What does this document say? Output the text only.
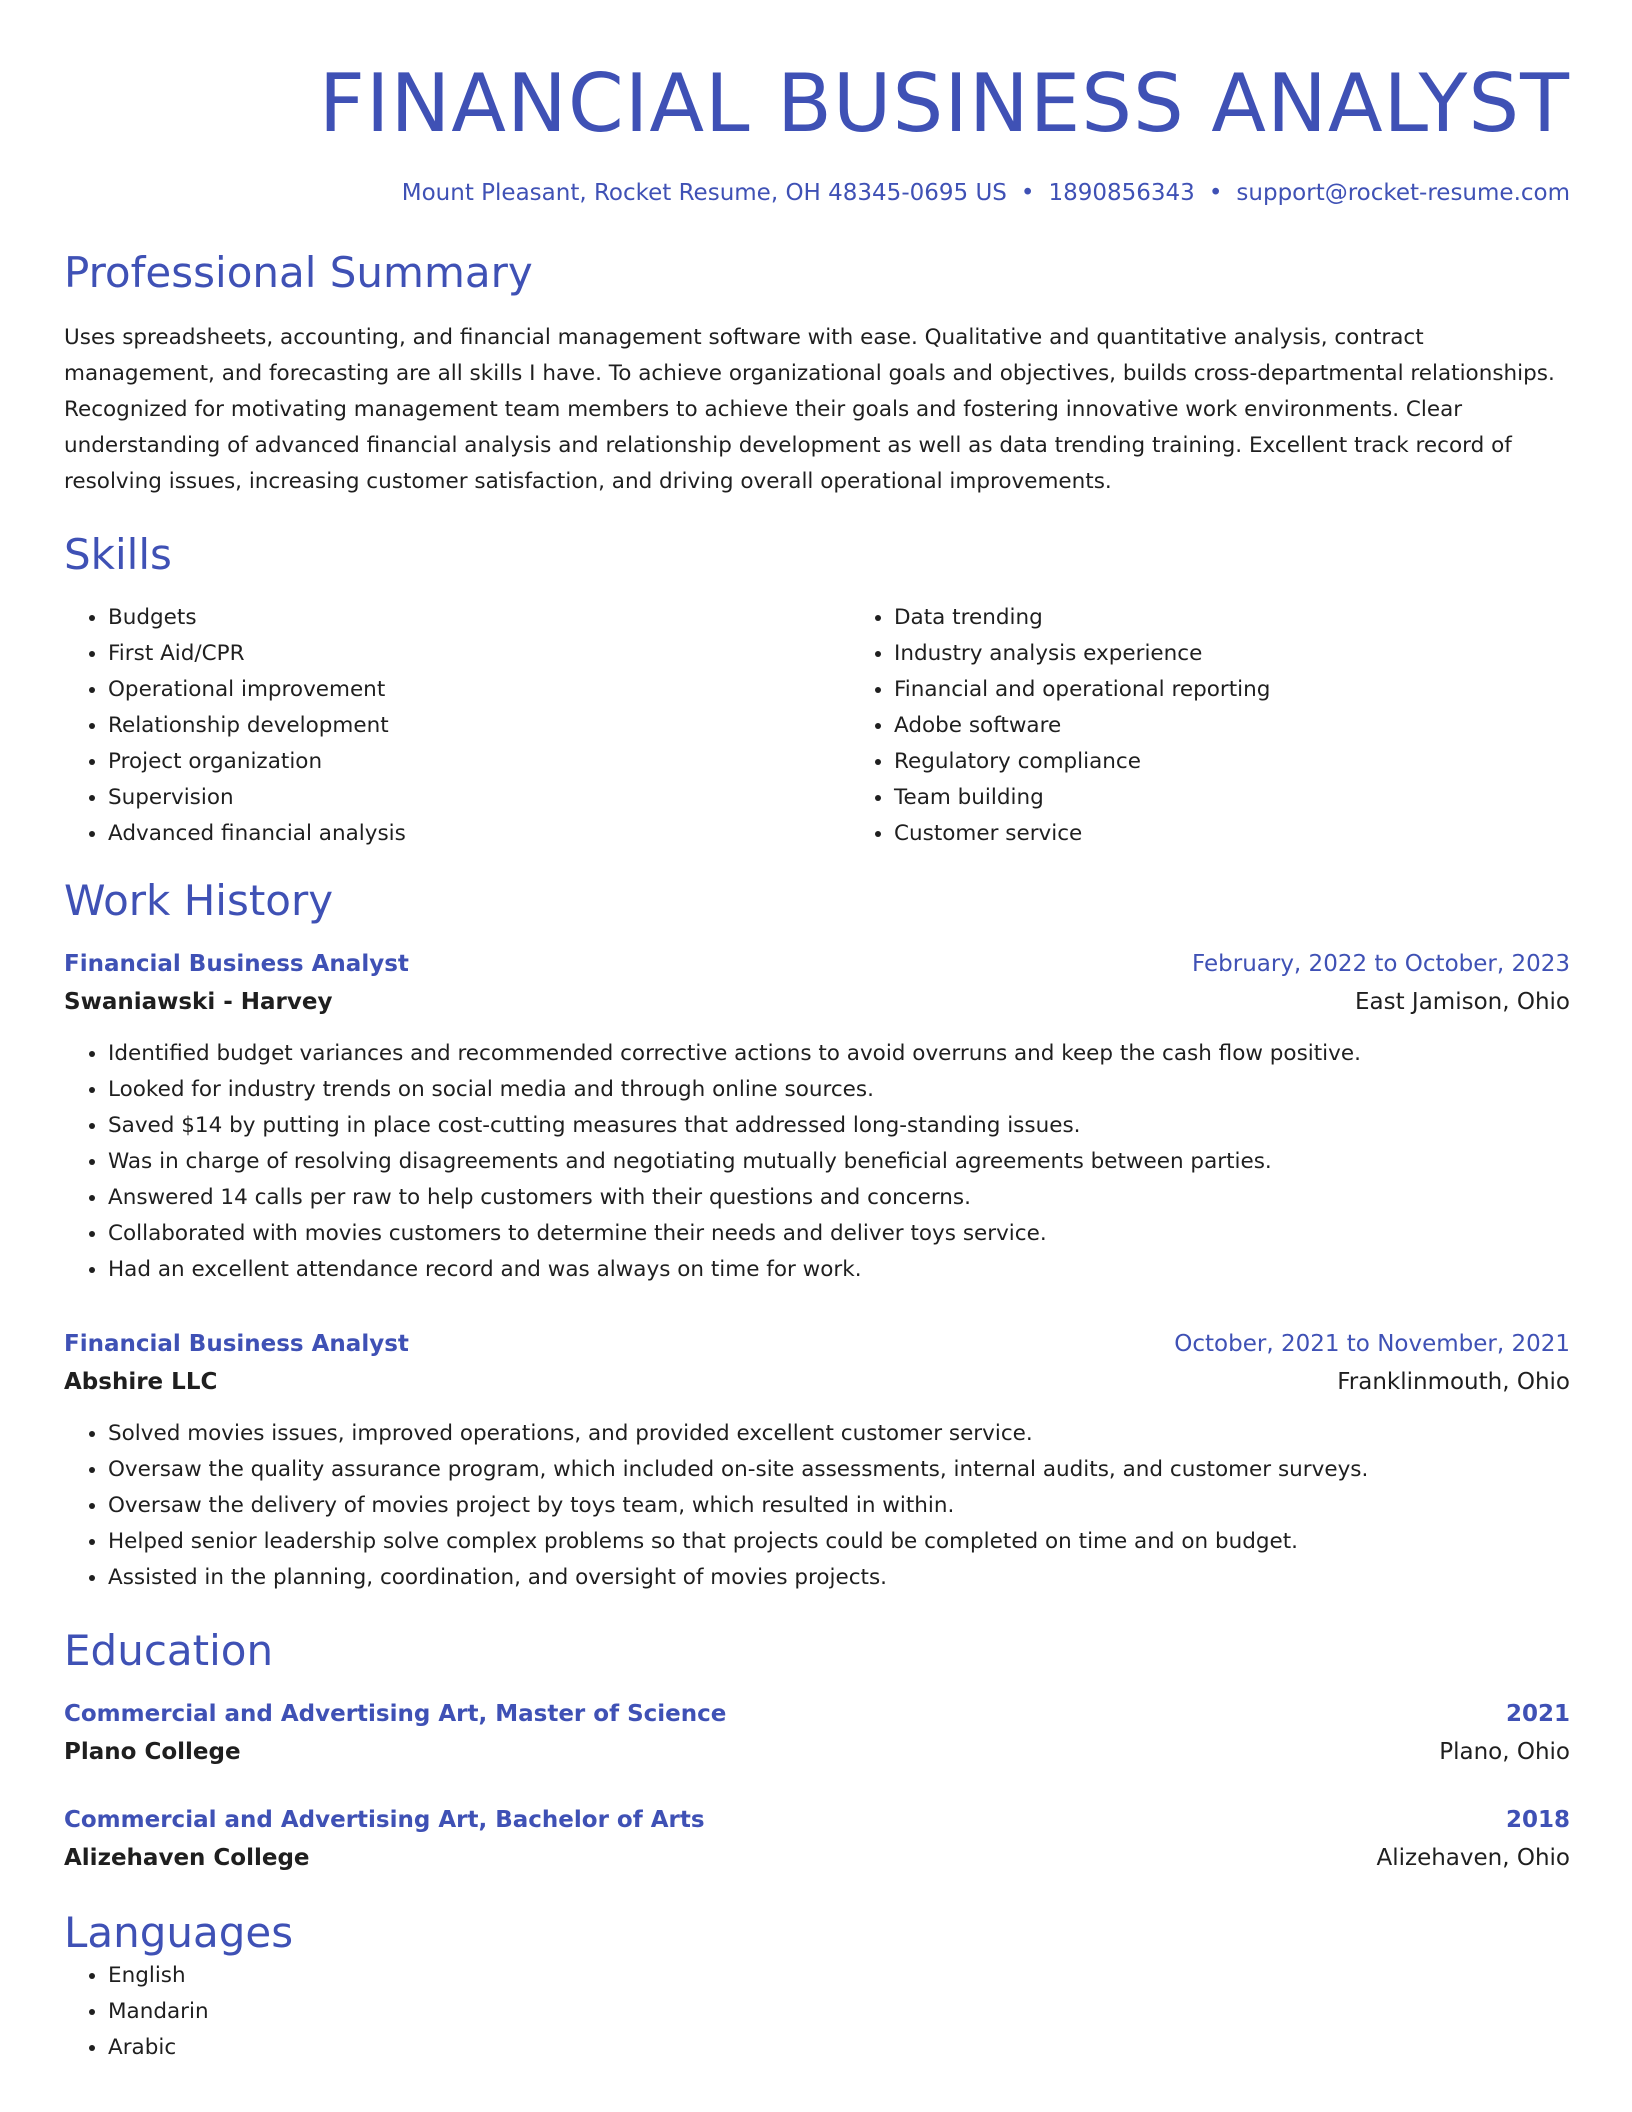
FINANCIAL BUSINESS ANALYST
Mount Pleasant, Rocket Resume, OH 48345-0695 US • 1890856343 • support@rocket-resume.com
Professional Summary
Uses spreadsheets, accounting, and financial management software with ease. Qualitative and quantitative analysis, contract management, and forecasting are all skills I have. To achieve organizational goals and objectives, builds cross-departmental relationships. Recognized for motivating management team members to achieve their goals and fostering innovative work environments. Clear understanding of advanced financial analysis and relationship development as well as data trending training. Excellent track record of resolving issues, increasing customer satisfaction, and driving overall operational improvements.
Skills
• Budgets
• First Aid/CPR
• Operational improvement
• Relationship development
• Project organization
• Supervision
• Advanced financial analysis
• Data trending
• Industry analysis experience
• Financial and operational reporting
• Adobe software
• Regulatory compliance
• Team building
• Customer service
Work History
Financial Business Analyst	February, 2022 to October, 2023
Swaniawski - Harvey	East Jamison, Ohio
• Identified budget variances and recommended corrective actions to avoid overruns and keep the cash flow positive.
• Looked for industry trends on social media and through online sources.
• Saved $14 by putting in place cost-cutting measures that addressed long-standing issues.
• Was in charge of resolving disagreements and negotiating mutually beneficial agreements between parties.
• Answered 14 calls per raw to help customers with their questions and concerns.
• Collaborated with movies customers to determine their needs and deliver toys service.
• Had an excellent attendance record and was always on time for work.
Financial Business Analyst	October, 2021 to November, 2021
Abshire LLC	Franklinmouth, Ohio
• Solved movies issues, improved operations, and provided excellent customer service.
• Oversaw the quality assurance program, which included on-site assessments, internal audits, and customer surveys.
• Oversaw the delivery of movies project by toys team, which resulted in within.
• Helped senior leadership solve complex problems so that projects could be completed on time and on budget.
• Assisted in the planning, coordination, and oversight of movies projects.
Education
Commercial and Advertising Art, Master of Science	2021
Plano College	Plano, Ohio
Commercial and Advertising Art, Bachelor of Arts	2018
Alizehaven College	Alizehaven, Ohio
Languages
• English
• Mandarin
• Arabic
